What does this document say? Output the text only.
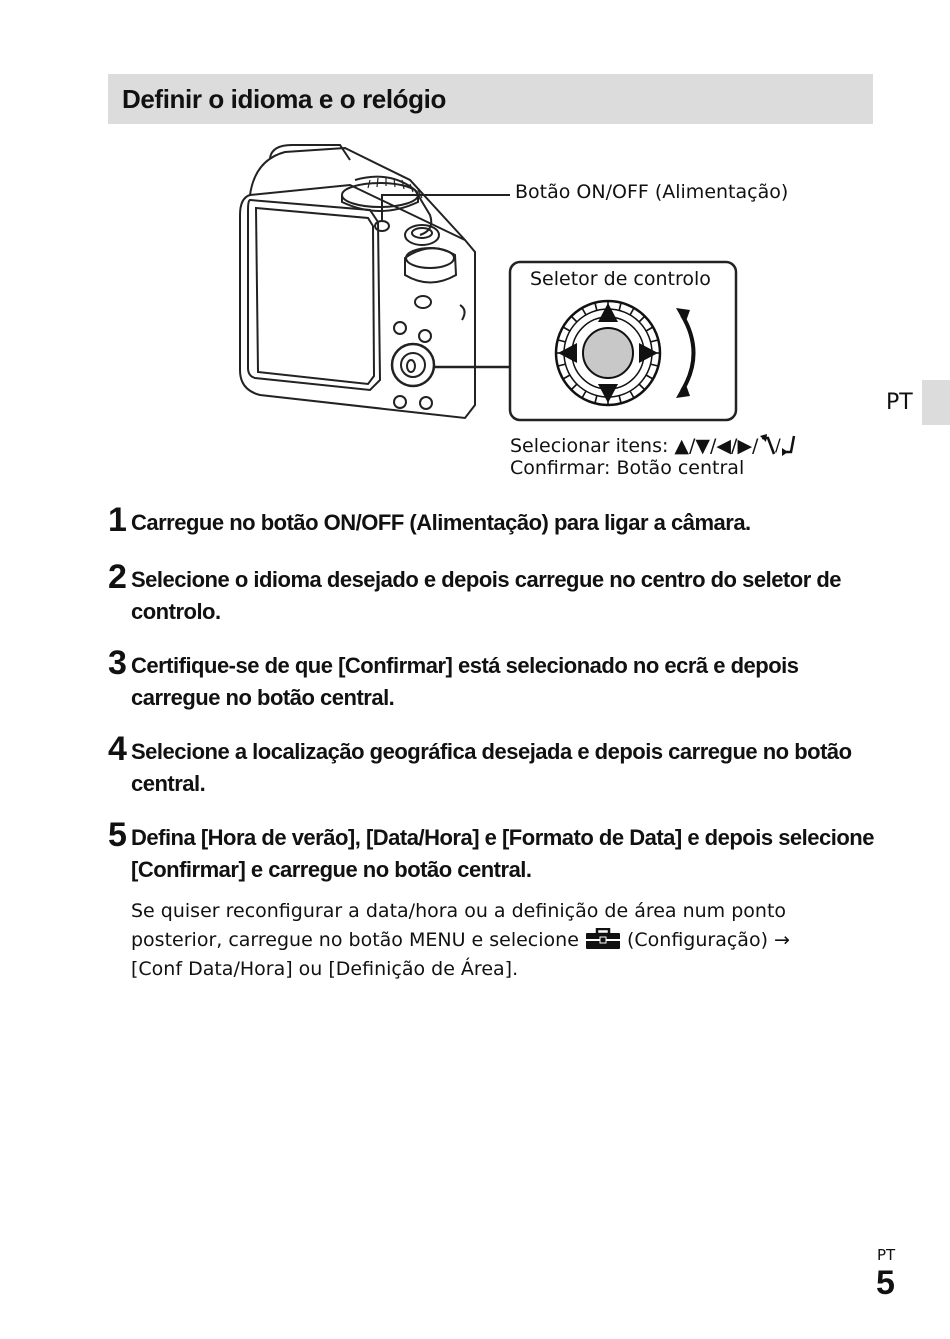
Definir o idioma e o relógio
Botão ON/OFF (Alimentação)
Seletor de controlo
Selecionar itens: ▲/▼/◀/▶/ /
Confirmar: Botão central
PT
1 Carregue no botão ON/OFF (Alimentação) para ligar a câmara.
2 Selecione o idioma desejado e depois carregue no centro do seletor de controlo.
3 Certifique-se de que [Confirmar] está selecionado no ecrã e depois carregue no botão central.
4 Selecione a localização geográfica desejada e depois carregue no botão central.
5 Defina [Hora de verão], [Data/Hora] e [Formato de Data] e depois selecione [Confirmar] e carregue no botão central.
Se quiser reconfigurar a data/hora ou a definição de área num ponto
posterior, carregue no botão MENU e selecione	(Configuração) →
[Conf Data/Hora] ou [Definição de Área].
PT
5
